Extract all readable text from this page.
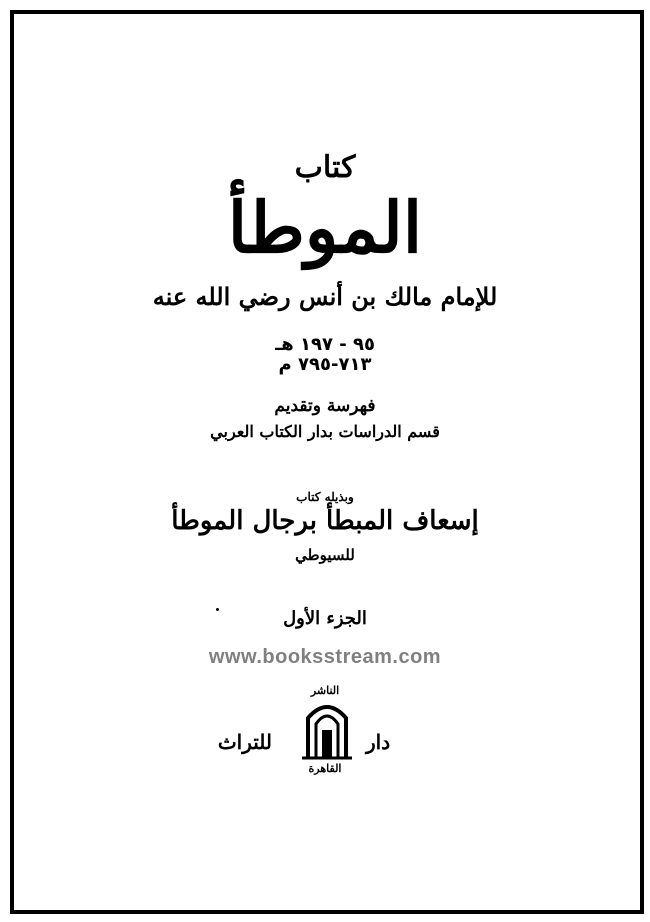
كتاب
الموطأ
للإمام مالك بن أنس رضي الله عنه
٩٥ - ١٩٧ هـ
٧١٣-٧٩٥ م
فهرسة وتقديم
قسم الدراسات بدار الكتاب العربي
وبذيله كتاب
إسعاف المبطأ برجال الموطأ
للسيوطي
الجزء الأول
www.booksstream.com
الناشر
للتراث	دار
القاهرة
